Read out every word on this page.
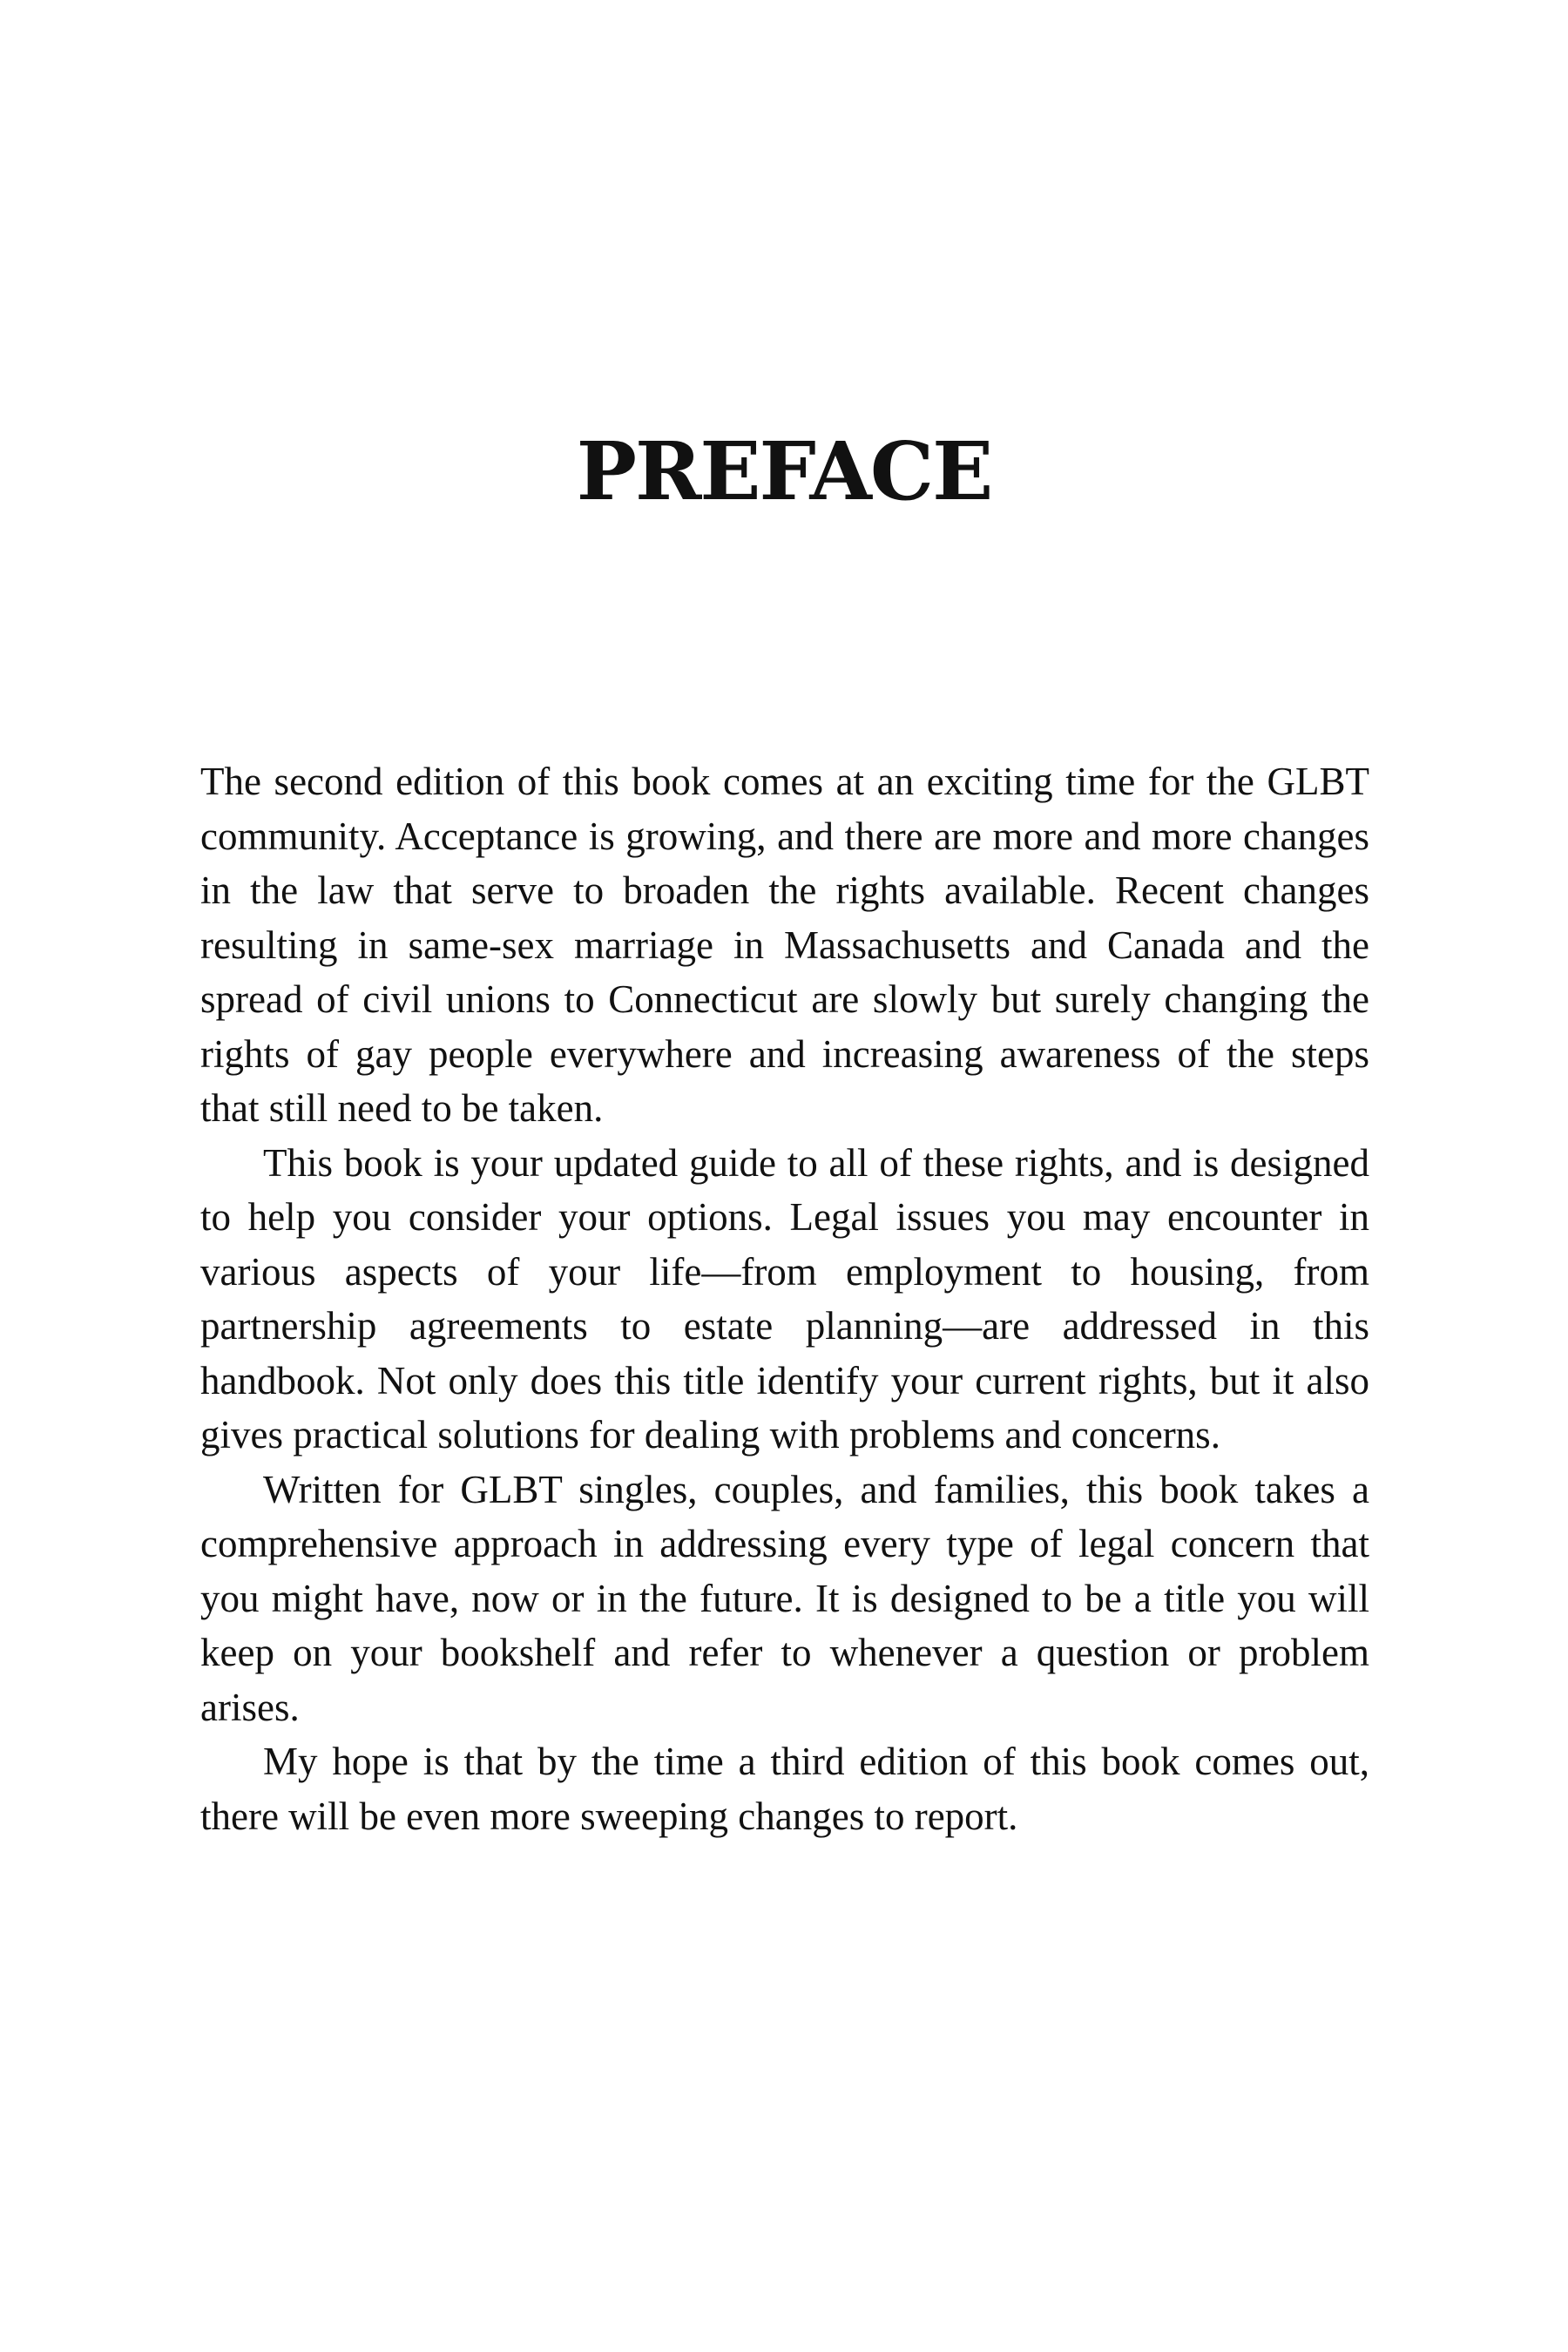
PREFACE

The second edition of this book comes at an exciting time for the GLBT community. Acceptance is growing, and there are more and more changes in the law that serve to broaden the rights available. Recent changes resulting in same-sex marriage in Massachusetts and Canada and the spread of civil unions to Connecticut are slowly but surely changing the rights of gay people everywhere and increasing awareness of the steps that still need to be taken.

This book is your updated guide to all of these rights, and is designed to help you consider your options. Legal issues you may encounter in various aspects of your life—from employment to housing, from partnership agreements to estate planning—are addressed in this handbook. Not only does this title identify your current rights, but it also gives practical solutions for dealing with problems and concerns.

Written for GLBT singles, couples, and families, this book takes a comprehensive approach in addressing every type of legal concern that you might have, now or in the future. It is designed to be a title you will keep on your bookshelf and refer to whenever a question or problem arises.

My hope is that by the time a third edition of this book comes out, there will be even more sweeping changes to report.
